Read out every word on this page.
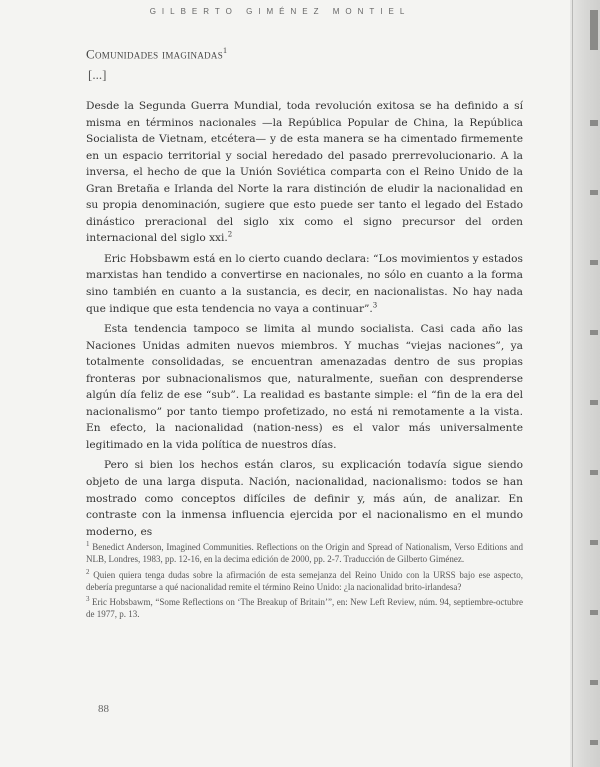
GILBERTO GIMÉNEZ MONTIEL
Comunidades imaginadas$^1$
[...]

Desde la Segunda Guerra Mundial, toda revolución exitosa se ha definido a sí misma en términos nacionales —la República Popular de China, la República Socialista de Vietnam, etcétera— y de esta manera se ha cimentado firmemente en un espacio territorial y social heredado del pasado prerrevolucionario. A la inversa, el hecho de que la Unión Soviética comparta con el Reino Unido de la Gran Bretaña e Irlanda del Norte la rara distinción de eludir la nacionalidad en su propia denominación, sugiere que esto puede ser tanto el legado del Estado dinástico preracional del siglo xix como el signo precursor del orden internacional del siglo xxi.$^2$

Eric Hobsbawm está en lo cierto cuando declara: “Los movimientos y estados marxistas han tendido a convertirse en nacionales, no sólo en cuanto a la forma sino también en cuanto a la sustancia, es decir, en nacionalistas. No hay nada que indique que esta tendencia no vaya a continuar”.$^3$

Esta tendencia tampoco se limita al mundo socialista. Casi cada año las Naciones Unidas admiten nuevos miembros. Y muchas “viejas naciones”, ya totalmente consolidadas, se encuentran amenazadas dentro de sus propias fronteras por subnacionalismos que, naturalmente, sueñan con desprenderse algún día feliz de ese “sub”. La realidad es bastante simple: el “fin de la era del nacionalismo” por tanto tiempo profetizado, no está ni remotamente a la vista. En efecto, la nacionalidad (nation-ness) es el valor más universalmente legitimado en la vida política de nuestros días.

Pero si bien los hechos están claros, su explicación todavía sigue siendo objeto de una larga disputa. Nación, nacionalidad, nacionalismo: todos se han mostrado como conceptos difíciles de definir y, más aún, de analizar. En contraste con la inmensa influencia ejercida por el nacionalismo en el mundo moderno, es

$^1$ Benedict Anderson, Imagined Communities. Reflections on the Origin and Spread of Nationalism, Verso Editions and NLB, Londres, 1983, pp. 12-16, en la decima edición de 2000, pp. 2-7. Traducción de Gilberto Giménez.

$^2$ Quien quiera tenga dudas sobre la afirmación de esta semejanza del Reino Unido con la URSS bajo ese aspecto, debería preguntarse a qué nacionalidad remite el término Reino Unido: ¿la nacionalidad brito-irlandesa?

$^3$ Eric Hobsbawm, “Some Reflections on ‘The Breakup of Britain’”, en: New Left Review, núm. 94, septiembre-octubre de 1977, p. 13.

88
